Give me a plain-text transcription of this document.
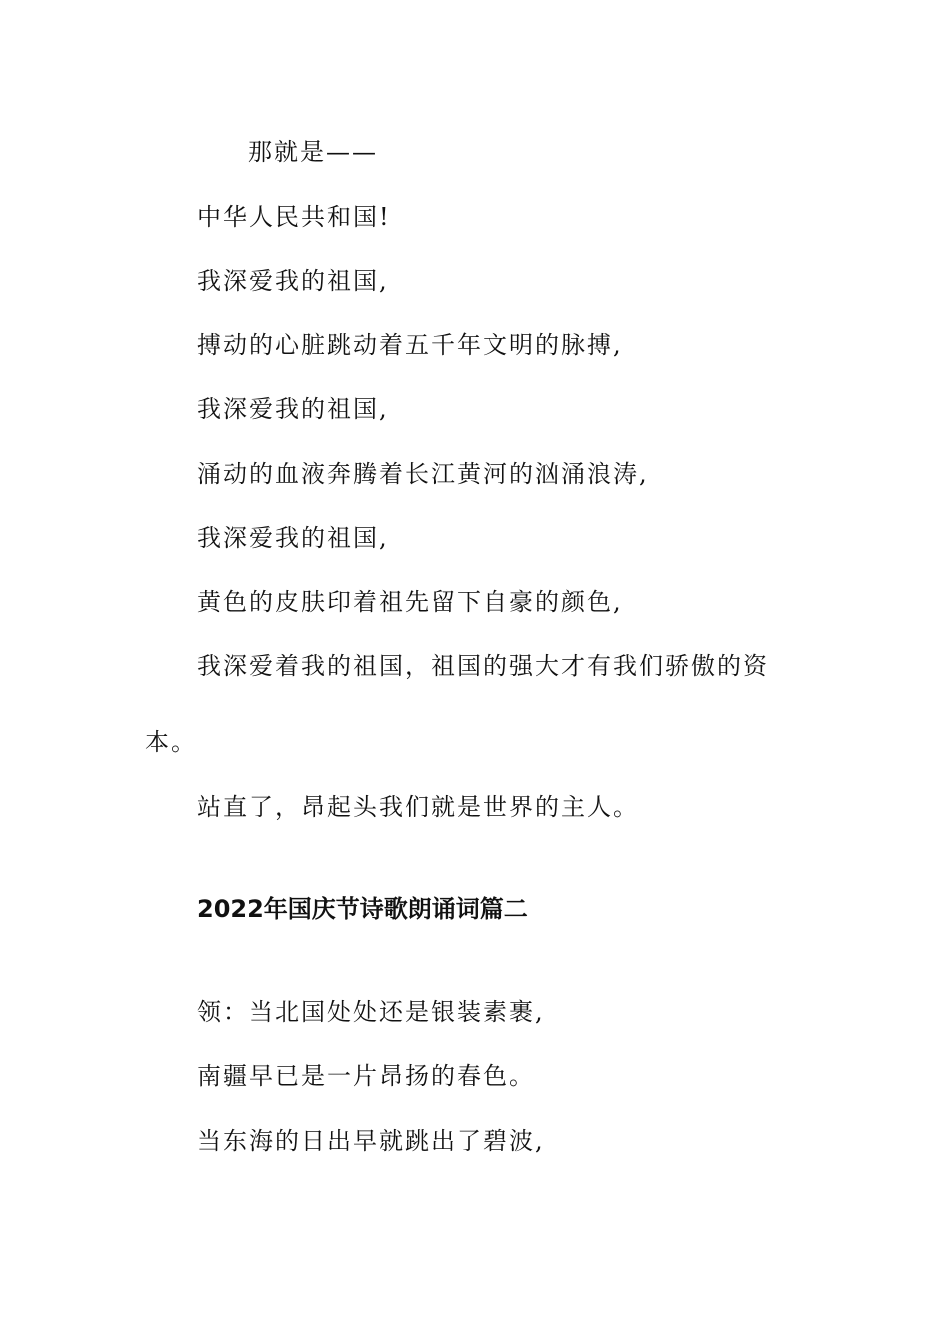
那就是——
中华人民共和国!
我深爱我的祖国,
搏动的心脏跳动着五千年文明的脉搏,
我深爱我的祖国,
涌动的血液奔腾着长江黄河的汹涌浪涛,
我深爱我的祖国,
黄色的皮肤印着祖先留下自豪的颜色,
我深爱着我的祖国，祖国的强大才有我们骄傲的资
本。
站直了，昂起头我们就是世界的主人。
2022年国庆节诗歌朗诵词篇二
领：当北国处处还是银装素裹,
南疆早已是一片昂扬的春色。
当东海的日出早就跳出了碧波,
